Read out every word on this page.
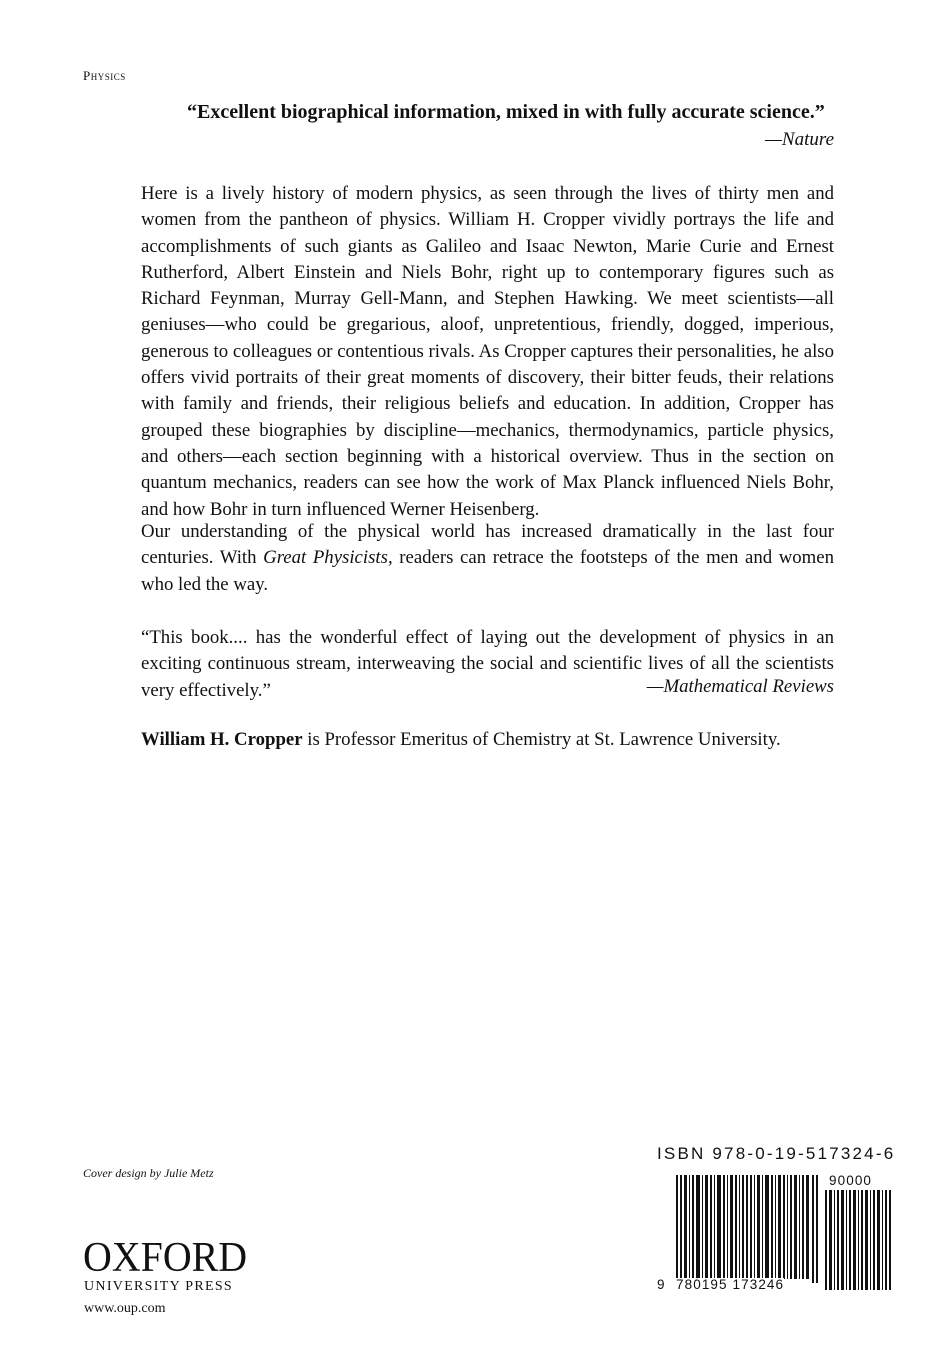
Physics
“Excellent biographical information, mixed in with fully accurate science.”
—Nature
Here is a lively history of modern physics, as seen through the lives of thirty men and women from the pantheon of physics. William H. Cropper vividly portrays the life and accomplishments of such giants as Galileo and Isaac Newton, Marie Curie and Ernest Rutherford, Albert Einstein and Niels Bohr, right up to contemporary figures such as Richard Feynman, Murray Gell-Mann, and Stephen Hawking. We meet scientists—all geniuses—who could be gregarious, aloof, unpretentious, friendly, dogged, imperious, generous to colleagues or contentious rivals. As Cropper captures their personalities, he also offers vivid portraits of their great moments of discovery, their bitter feuds, their relations with family and friends, their religious beliefs and education. In addition, Cropper has grouped these biographies by discipline—mechanics, thermodynamics, particle physics, and others—each section beginning with a historical overview. Thus in the section on quantum mechanics, readers can see how the work of Max Planck influenced Niels Bohr, and how Bohr in turn influenced Werner Heisenberg.
Our understanding of the physical world has increased dramatically in the last four centuries. With Great Physicists, readers can retrace the footsteps of the men and women who led the way.
“This book.... has the wonderful effect of laying out the development of physics in an exciting continuous stream, interweaving the social and scientific lives of all the scientists very effectively.”	—Mathematical Reviews
William H. Cropper is Professor Emeritus of Chemistry at St. Lawrence University.
Cover design by Julie Metz
OXFORD
UNIVERSITY PRESS
www.oup.com
ISBN 978-0-19-517324-6
9 780195 173246
90000
